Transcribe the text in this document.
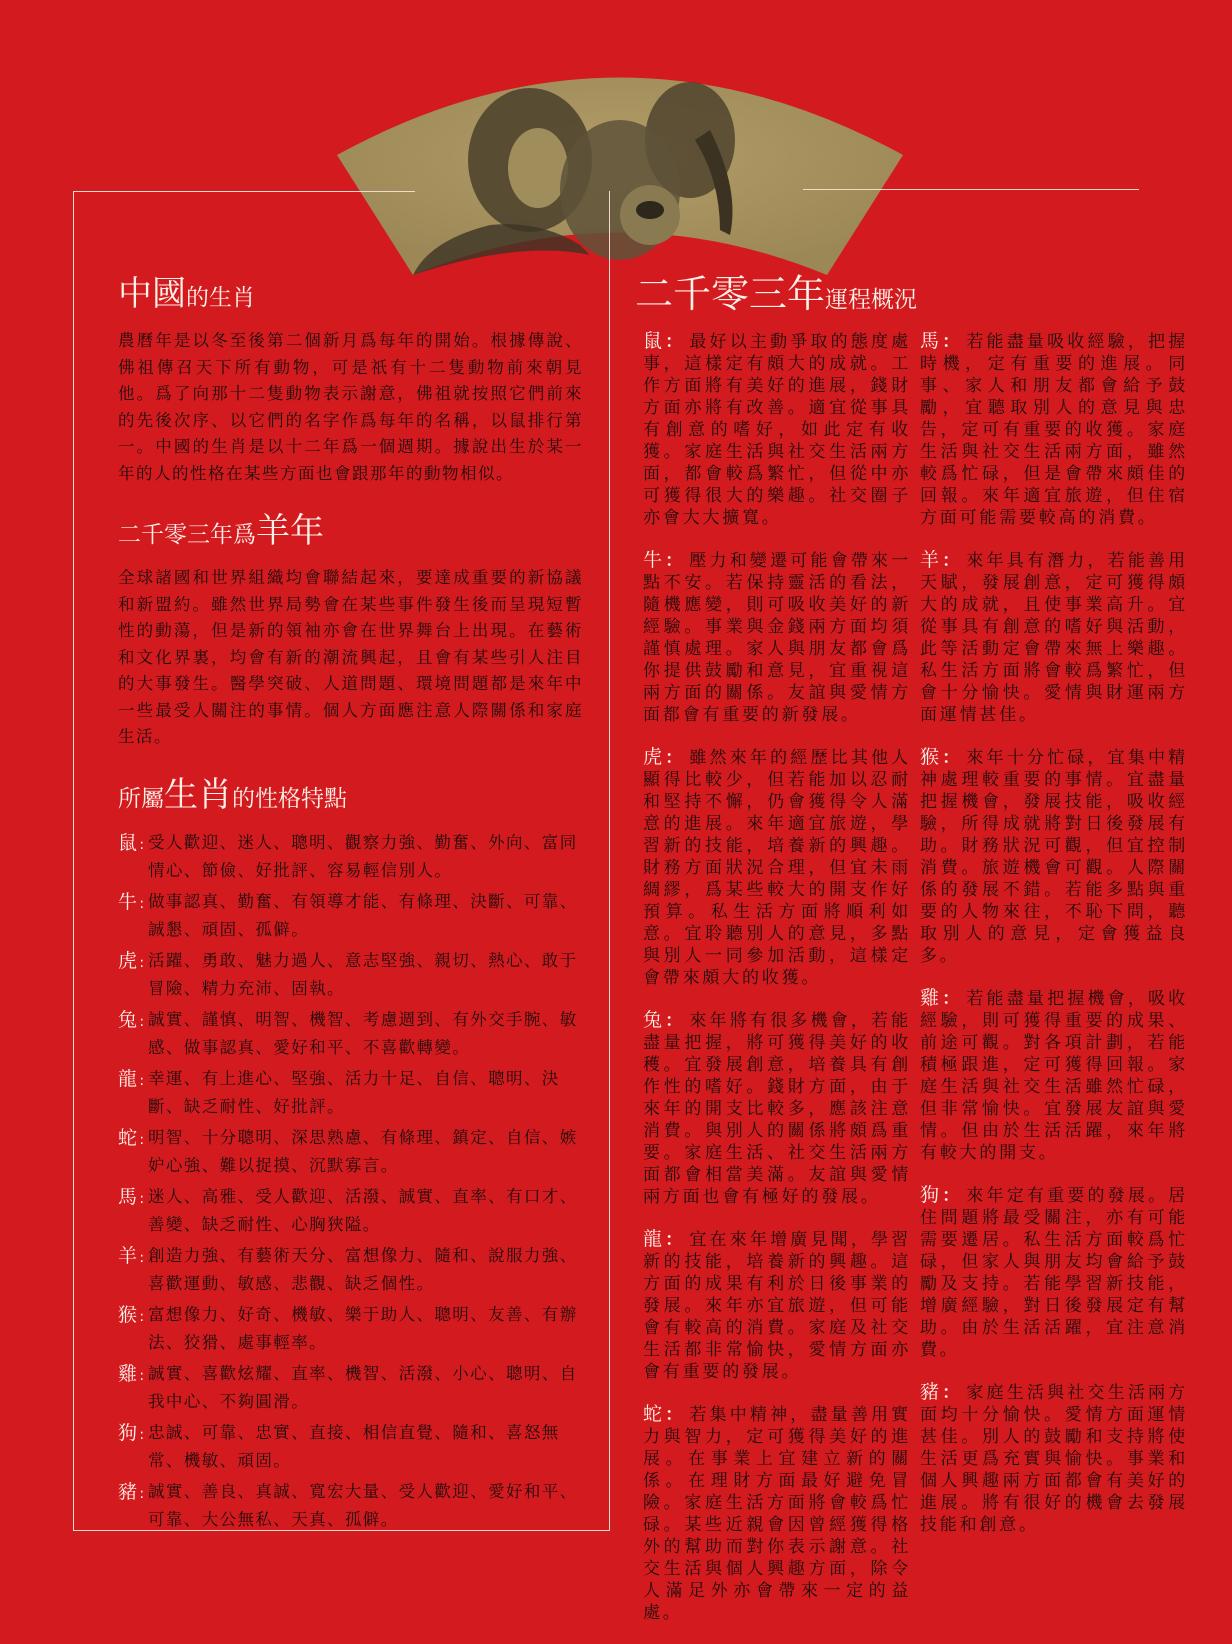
中國的生肖
農曆年是以冬至後第二個新月爲每年的開始。根據傳說、佛祖傳召天下所有動物，可是祇有十二隻動物前來朝見他。爲了向那十二隻動物表示謝意，佛祖就按照它們前來的先後次序、以它們的名字作爲每年的名稱，以鼠排行第一。中國的生肖是以十二年爲一個週期。據說出生於某一年的人的性格在某些方面也會跟那年的動物相似。
二千零三年爲羊年
全球諸國和世界組織均會聯結起來，要達成重要的新協議和新盟約。雖然世界局勢會在某些事件發生後而呈現短暫性的動蕩，但是新的領袖亦會在世界舞台上出現。在藝術和文化界裏，均會有新的潮流興起，且會有某些引人注目的大事發生。醫學突破、人道問題、環境問題都是來年中一些最受人關注的事情。個人方面應注意人際關係和家庭生活。
所屬生肖的性格特點
鼠 : 受人歡迎、迷人、聰明、觀察力強、勤奮、外向、富同情心、節儉、好批評、容易輕信別人。
牛 : 做事認真、勤奮、有領導才能、有條理、決斷、可靠、誠懇、頑固、孤僻。
虎 : 活躍、勇敢、魅力過人、意志堅強、親切、熱心、敢于冒險、精力充沛、固執。
兔 : 誠實、謹慎、明智、機智、考慮週到、有外交手腕、敏感、做事認真、愛好和平、不喜歡轉變。
龍 : 幸運、有上進心、堅強、活力十足、自信、聰明、決斷、缺乏耐性、好批評。
蛇 : 明智、十分聰明、深思熟慮、有條理、鎮定、自信、嫉妒心強、難以捉摸、沉默寡言。
馬 : 迷人、高雅、受人歡迎、活潑、誠實、直率、有口才、善變、缺乏耐性、心胸狹隘。
羊 : 創造力強、有藝術天分、富想像力、隨和、說服力強、喜歡運動、敏感、悲觀、缺乏個性。
猴 : 富想像力、好奇、機敏、樂于助人、聰明、友善、有辦法、狡猾、處事輕率。
雞 : 誠實、喜歡炫耀、直率、機智、活潑、小心、聰明、自我中心、不夠圓滑。
狗 : 忠誠、可靠、忠實、直接、相信直覺、隨和、喜怒無常、機敏、頑固。
豬 : 誠實、善良、真誠、寬宏大量、受人歡迎、愛好和平、可靠、大公無私、天真、孤僻。
二千零三年運程概況
鼠： 最好以主動爭取的態度處事，這樣定有頗大的成就。工作方面將有美好的進展，錢財方面亦將有改善。適宜從事具有創意的嗜好，如此定有收獲。家庭生活與社交生活兩方面，都會較爲繁忙，但從中亦可獲得很大的樂趣。社交圈子亦會大大擴寬。
牛： 壓力和變遷可能會帶來一點不安。若保持靈活的看法，隨機應變，則可吸收美好的新經驗。事業與金錢兩方面均須謹慎處理。家人與朋友都會爲你提供鼓勵和意見，宜重視這兩方面的關係。友誼與愛情方面都會有重要的新發展。
虎： 雖然來年的經歷比其他人顯得比較少，但若能加以忍耐和堅持不懈，仍會獲得令人滿意的進展。來年適宜旅遊，學習新的技能，培養新的興趣。財務方面狀況合理，但宜未雨綢繆，爲某些較大的開支作好預算。私生活方面將順利如意。宜聆聽別人的意見，多點與別人一同參加活動，這樣定會帶來頗大的收獲。
兔： 來年將有很多機會，若能盡量把握，將可獲得美好的收穫。宜發展創意，培養具有創作性的嗜好。錢財方面，由于來年的開支比較多，應該注意消費。與別人的關係將頗爲重要。家庭生活、社交生活兩方面都會相當美滿。友誼與愛情兩方面也會有極好的發展。
龍： 宜在來年增廣見聞，學習新的技能，培養新的興趣。這方面的成果有利於日後事業的發展。來年亦宜旅遊，但可能會有較高的消費。家庭及社交生活都非常愉快，愛情方面亦會有重要的發展。
蛇： 若集中精神，盡量善用實力與智力，定可獲得美好的進展。在事業上宜建立新的關係。在理財方面最好避免冒險。家庭生活方面將會較爲忙碌。某些近親會因曾經獲得格外的幫助而對你表示謝意。社交生活與個人興趣方面，除令人滿足外亦會帶來一定的益處。
馬： 若能盡量吸收經驗，把握時機，定有重要的進展。同事、家人和朋友都會給予鼓勵，宜聽取別人的意見與忠告，定可有重要的收獲。家庭生活與社交生活兩方面，雖然較爲忙碌，但是會帶來頗佳的回報。來年適宜旅遊，但住宿方面可能需要較高的消費。
羊： 來年具有潛力，若能善用天賦，發展創意，定可獲得頗大的成就，且使事業高升。宜從事具有創意的嗜好與活動，此等活動定會帶來無上樂趣。私生活方面將會較爲繁忙，但會十分愉快。愛情與財運兩方面運情甚佳。
猴： 來年十分忙碌，宜集中精神處理較重要的事情。宜盡量把握機會，發展技能，吸收經驗，所得成就將對日後發展有助。財務狀況可觀，但宜控制消費。旅遊機會可觀。人際關係的發展不錯。若能多點與重要的人物來往，不恥下問，聽取別人的意見，定會獲益良多。
雞： 若能盡量把握機會，吸收經驗，則可獲得重要的成果、前途可觀。對各項計劃，若能積極跟進，定可獲得回報。家庭生活與社交生活雖然忙碌，但非常愉快。宜發展友誼與愛情。但由於生活活躍，來年將有較大的開支。
狗： 來年定有重要的發展。居住問題將最受關注，亦有可能需要遷居。私生活方面較爲忙碌，但家人與朋友均會給予鼓勵及支持。若能學習新技能，增廣經驗，對日後發展定有幫助。由於生活活躍，宜注意消費。
豬： 家庭生活與社交生活兩方面均十分愉快。愛情方面運情甚佳。別人的鼓勵和支持將使生活更爲充實與愉快。事業和個人興趣兩方面都會有美好的進展。將有很好的機會去發展技能和創意。
